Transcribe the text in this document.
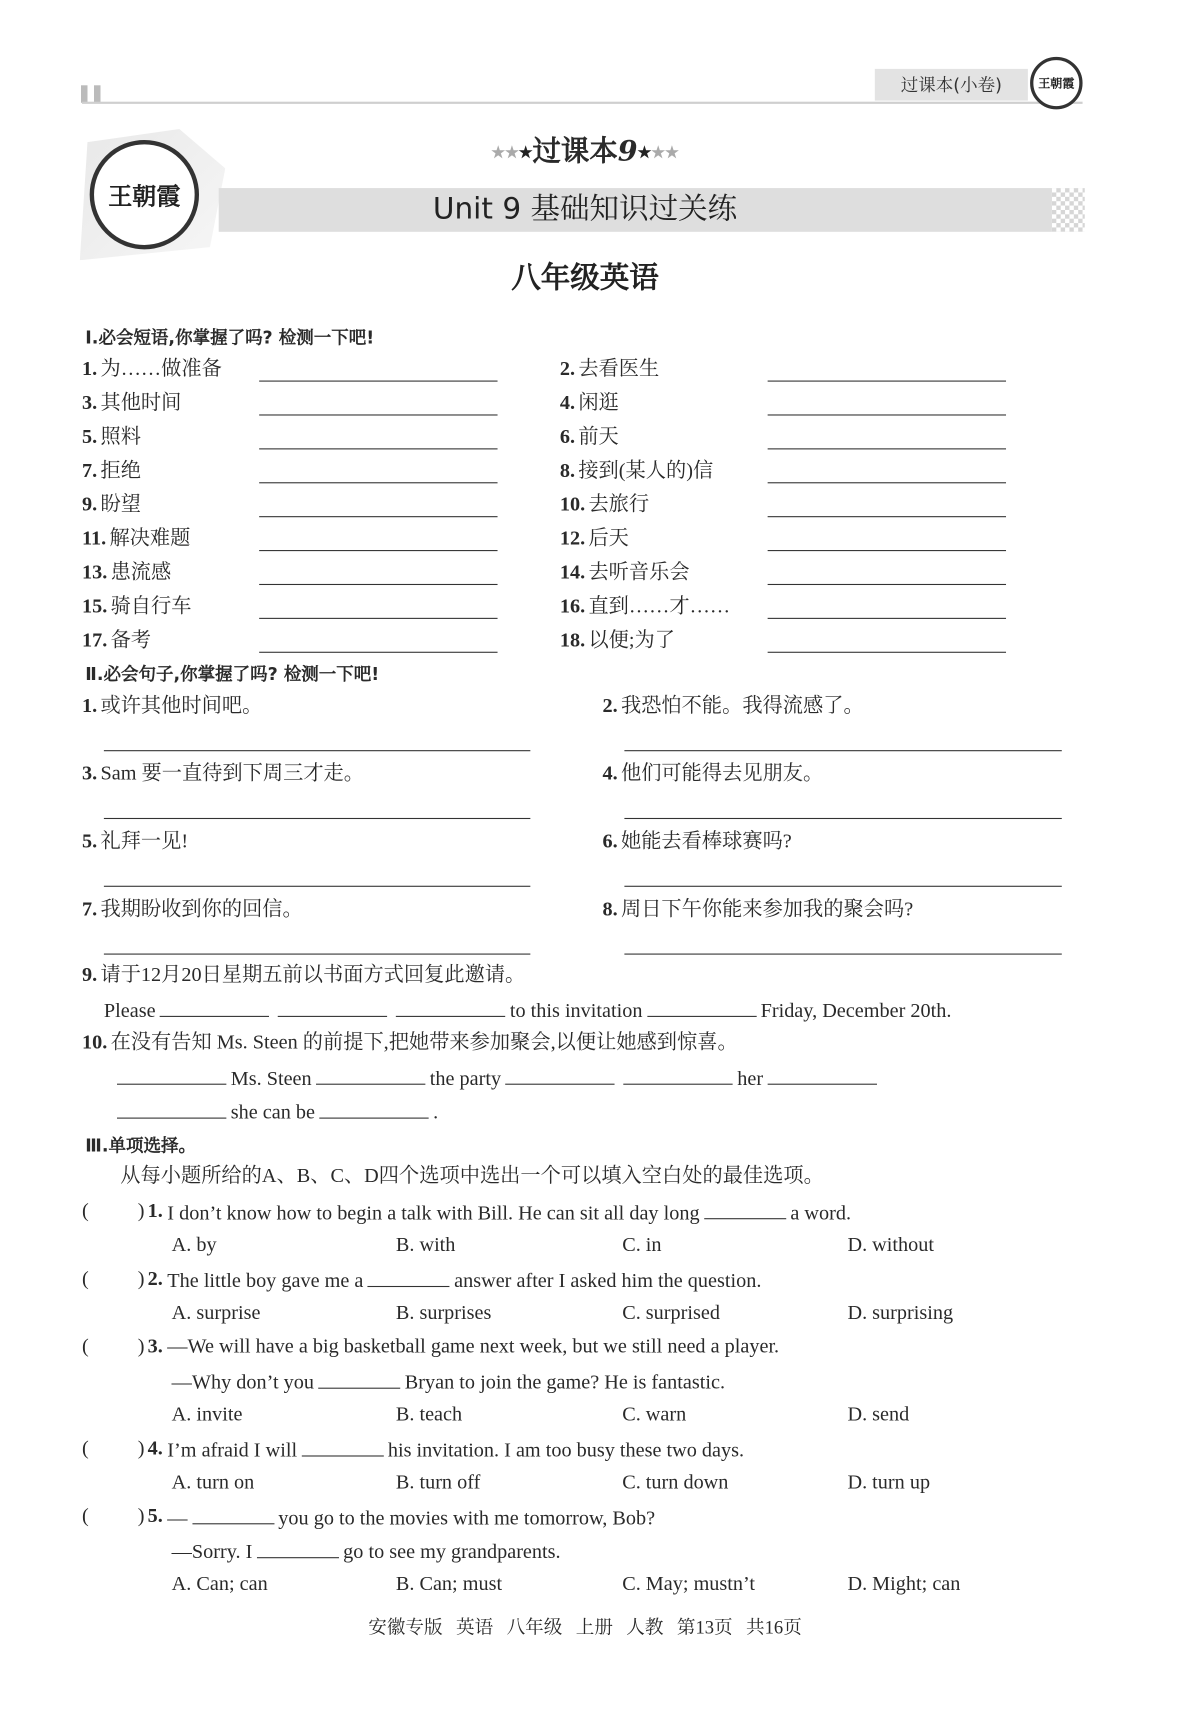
过课本(小卷)	王朝霞
王朝霞
★★★过课本9★★★
Unit 9 基础知识过关练
八年级英语
Ⅰ.必会短语,你掌握了吗? 检测一下吧!
1. 为……做准备	2. 去看医生
3. 其他时间	4. 闲逛
5. 照料	6. 前天
7. 拒绝	8. 接到(某人的)信
9. 盼望	10. 去旅行
11. 解决难题	12. 后天
13. 患流感	14. 去听音乐会
15. 骑自行车	16. 直到……才……
17. 备考	18. 以便;为了
Ⅱ.必会句子,你掌握了吗? 检测一下吧!
1. 或许其他时间吧。	2. 我恐怕不能。我得流感了。
3. Sam 要一直待到下周三才走。	4. 他们可能得去见朋友。
5. 礼拜一见!	6. 她能去看棒球赛吗?
7. 我期盼收到你的回信。	8. 周日下午你能来参加我的聚会吗?
9. 请于12月20日星期五前以书面方式回复此邀请。
10. 在没有告知 Ms. Steen 的前提下,把她带来参加聚会,以便让她感到惊喜。
Please	to this invitation	Friday, December 20th.
Ms. Steen	the party	her
she can be	.
Ⅲ.单项选择。
从每小题所给的A、B、C、D四个选项中选出一个可以填入空白处的最佳选项。
(	) 1. I don’t know how to begin a talk with Bill. He can sit all day long	a word.
A. by	B. with	C. in	D. without
(	) 2. The little boy gave me a	answer after I asked him the question.
A. surprise	B. surprises	C. surprised	D. surprising
(	) 3. —We will have a big basketball game next week, but we still need a player.
—Why don’t you	Bryan to join the game? He is fantastic.
A. invite	B. teach	C. warn	D. send
(	) 4. I’m afraid I will	his invitation. I am too busy these two days.
A. turn on	B. turn off	C. turn down	D. turn up
(	) 5. —	you go to the movies with me tomorrow, Bob?
—Sorry. I	go to see my grandparents.
A. Can; can	B. Can; must	C. May; mustn’t	D. Might; can
安徽专版 英语 八年级 上册 人教 第13页 共16页
